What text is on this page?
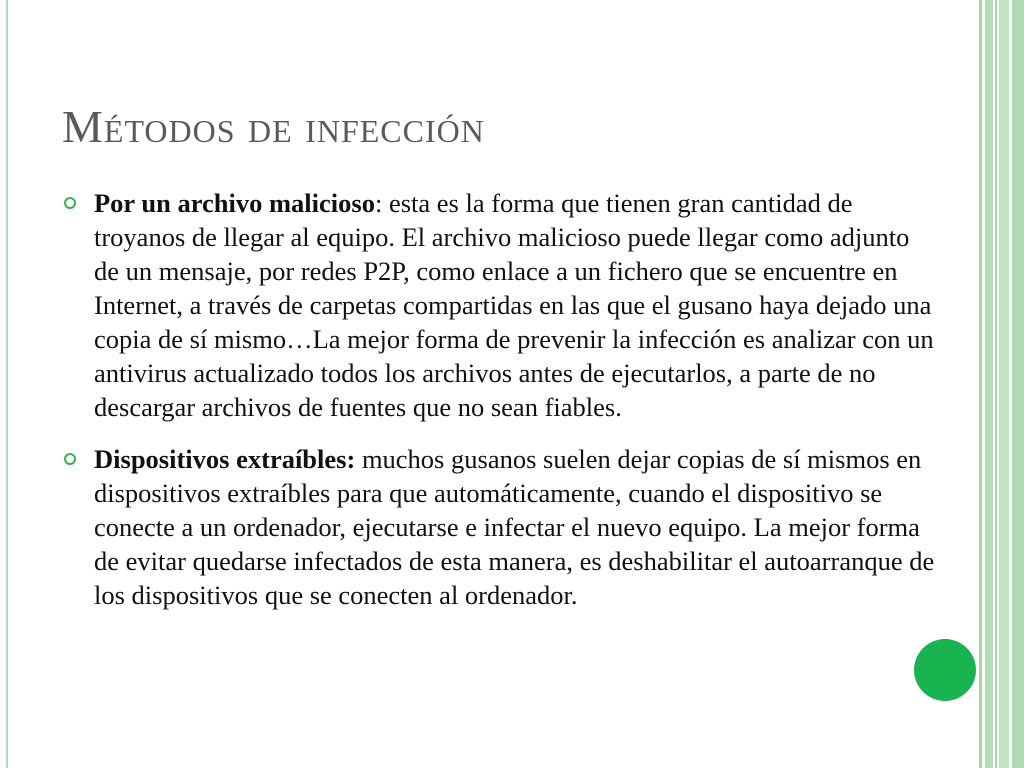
Métodos de infección
Por un archivo malicioso: esta es la forma que tienen gran cantidad de troyanos de llegar al equipo. El archivo malicioso puede llegar como adjunto de un mensaje, por redes P2P, como enlace a un fichero que se encuentre en Internet, a través de carpetas compartidas en las que el gusano haya dejado una copia de sí mismo…La mejor forma de prevenir la infección es analizar con un antivirus actualizado todos los archivos antes de ejecutarlos, a parte de no descargar archivos de fuentes que no sean fiables.
Dispositivos extraíbles: muchos gusanos suelen dejar copias de sí mismos en dispositivos extraíbles para que automáticamente, cuando el dispositivo se conecte a un ordenador, ejecutarse e infectar el nuevo equipo. La mejor forma de evitar quedarse infectados de esta manera, es deshabilitar el autoarranque de los dispositivos que se conecten al ordenador.
